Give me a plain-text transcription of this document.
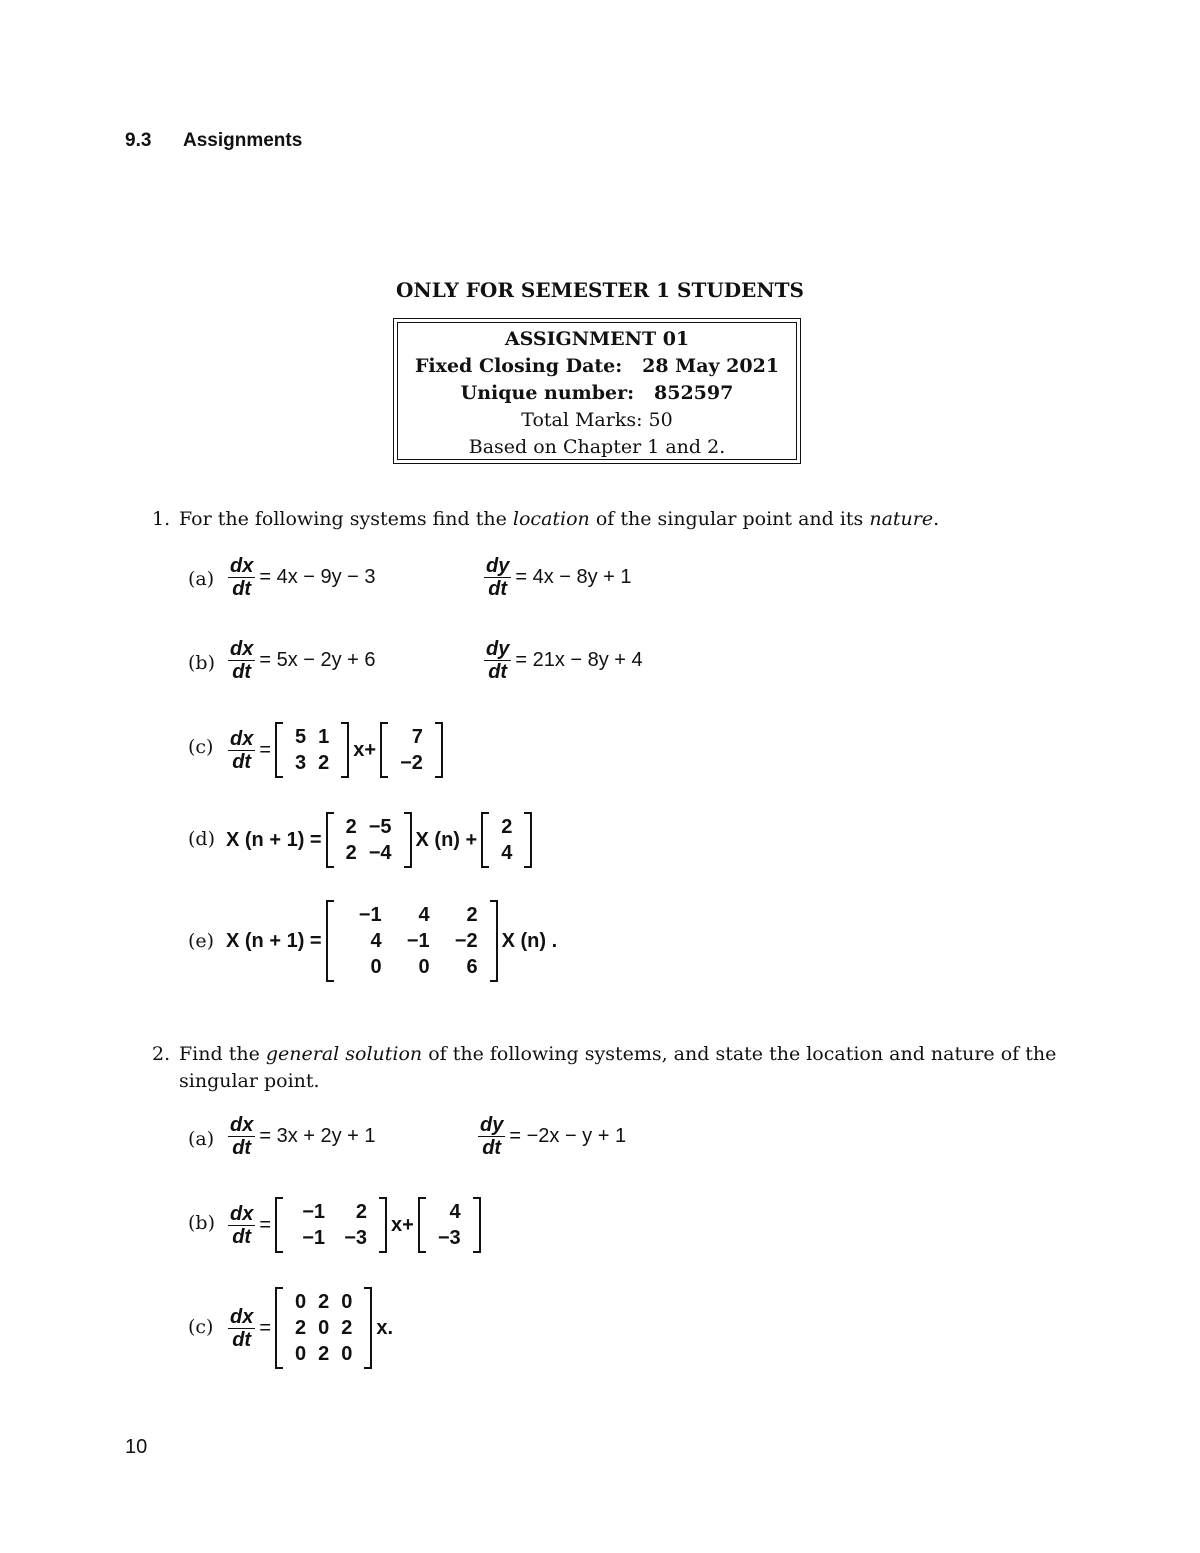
9.3 Assignments
ONLY FOR SEMESTER 1 STUDENTS
ASSIGNMENT 01
Fixed Closing Date:   28 May 2021
Unique number:   852597
Total Marks: 50
Based on Chapter 1 and 2.
1. For the following systems find the location of the singular point and its nature.
$(a) \frac{dx}{dt} = 4x - 9y - 3$	$\frac{dy}{dt} = 4x - 8y + 1$
$(b) \frac{dx}{dt} = 5x - 2y + 6$	$\frac{dy}{dt} = 21x - 8y + 4$
$(c) \frac{dx}{dt}$ =
5 1
3 2
x+
7
−2
(d) X (n + 1) =
2 −5
2 −4
X (n) +
2
4
(e) X (n + 1) =
−1	4	2
4	−1	−2
0	0	6
X (n) .
2. Find the general solution of the following systems, and state the location and nature of the singular point.
$(a) \frac{dx}{dt} = 3x + 2y + 1$	$\frac{dy}{dt} = -2x - y + 1$
$(b) \frac{dx}{dt}$ =
−1	2
−1 −3
x+
4
−3
$(c) \frac{dx}{dt}$ =
0 2 0
2 0 2
0 2 0
x.
10
